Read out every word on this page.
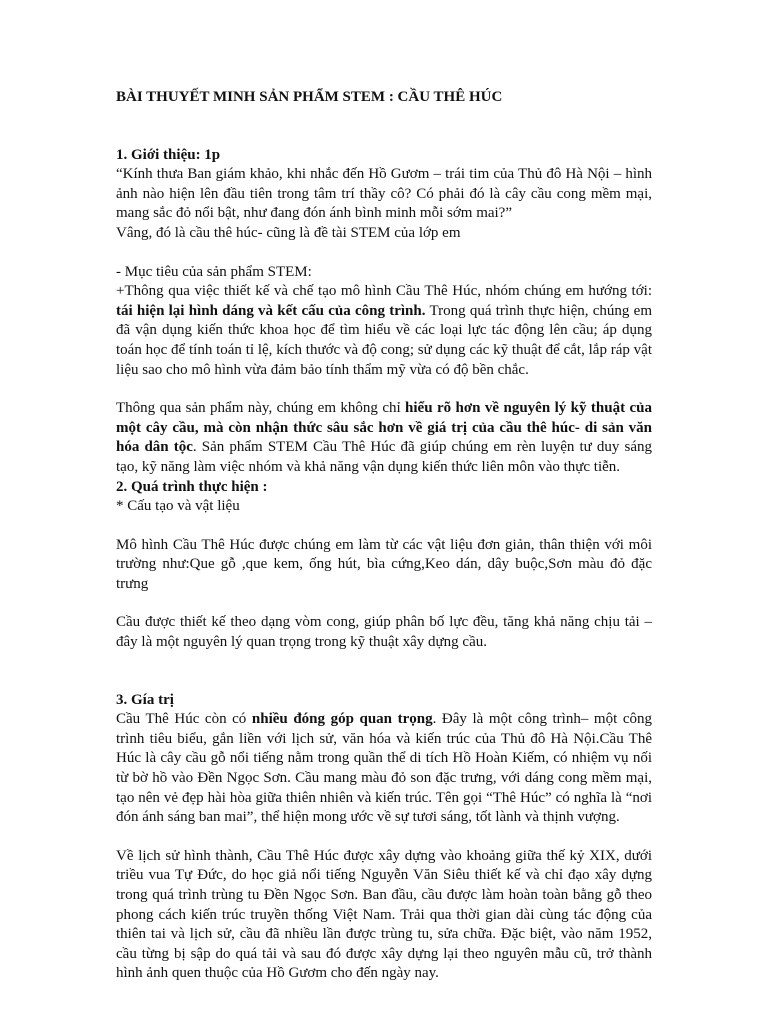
BÀI THUYẾT MINH SẢN PHẨM STEM : CẦU THÊ HÚC

1. Giới thiệu: 1p

“Kính thưa Ban giám khảo, khi nhắc đến Hồ Gươm – trái tim của Thủ đô Hà Nội – hình ảnh nào hiện lên đầu tiên trong tâm trí thầy cô? Có phải đó là cây cầu cong mềm mại, mang sắc đỏ nổi bật, như đang đón ánh bình minh mỗi sớm mai?”

Vâng, đó là cầu thê húc- cũng là đề tài STEM của lớp em

- Mục tiêu của sản phẩm STEM:

+Thông qua việc thiết kế và chế tạo mô hình Cầu Thê Húc, nhóm chúng em hướng tới: tái hiện lại hình dáng và kết cấu của công trình. Trong quá trình thực hiện, chúng em đã vận dụng kiến thức khoa học để tìm hiểu về các loại lực tác động lên cầu; áp dụng toán học để tính toán tỉ lệ, kích thước và độ cong; sử dụng các kỹ thuật để cắt, lắp ráp vật liệu sao cho mô hình vừa đảm bảo tính thẩm mỹ vừa có độ bền chắc.

Thông qua sản phẩm này, chúng em không chỉ hiểu rõ hơn về nguyên lý kỹ thuật của một cây cầu, mà còn nhận thức sâu sắc hơn về giá trị của cầu thê húc- di sản văn hóa dân tộc. Sản phẩm STEM Cầu Thê Húc đã giúp chúng em rèn luyện tư duy sáng tạo, kỹ năng làm việc nhóm và khả năng vận dụng kiến thức liên môn vào thực tiễn.

2. Quá trình thực hiện :

* Cấu tạo và vật liệu

Mô hình Cầu Thê Húc được chúng em làm từ các vật liệu đơn giản, thân thiện với môi trường như:Que gỗ ,que kem, ống hút, bìa cứng,Keo dán, dây buộc,Sơn màu đỏ đặc trưng

Cầu được thiết kế theo dạng vòm cong, giúp phân bố lực đều, tăng khả năng chịu tải – đây là một nguyên lý quan trọng trong kỹ thuật xây dựng cầu.

3. Gía trị

Cầu Thê Húc còn có nhiều đóng góp quan trọng. Đây là một công trình– một công trình tiêu biểu, gắn liền với lịch sử, văn hóa và kiến trúc của Thủ đô Hà Nội.Cầu Thê Húc là cây cầu gỗ nổi tiếng nằm trong quần thể di tích Hồ Hoàn Kiếm, có nhiệm vụ nối từ bờ hồ vào Đền Ngọc Sơn. Cầu mang màu đỏ son đặc trưng, với dáng cong mềm mại, tạo nên vẻ đẹp hài hòa giữa thiên nhiên và kiến trúc. Tên gọi “Thê Húc” có nghĩa là “nơi đón ánh sáng ban mai”, thể hiện mong ước về sự tươi sáng, tốt lành và thịnh vượng.

Về lịch sử hình thành, Cầu Thê Húc được xây dựng vào khoảng giữa thế kỷ XIX, dưới triều vua Tự Đức, do học giả nổi tiếng Nguyễn Văn Siêu thiết kế và chỉ đạo xây dựng trong quá trình trùng tu Đền Ngọc Sơn. Ban đầu, cầu được làm hoàn toàn bằng gỗ theo phong cách kiến trúc truyền thống Việt Nam. Trải qua thời gian dài cùng tác động của thiên tai và lịch sử, cầu đã nhiều lần được trùng tu, sửa chữa. Đặc biệt, vào năm 1952, cầu từng bị sập do quá tải và sau đó được xây dựng lại theo nguyên mẫu cũ, trở thành hình ảnh quen thuộc của Hồ Gươm cho đến ngày nay.
